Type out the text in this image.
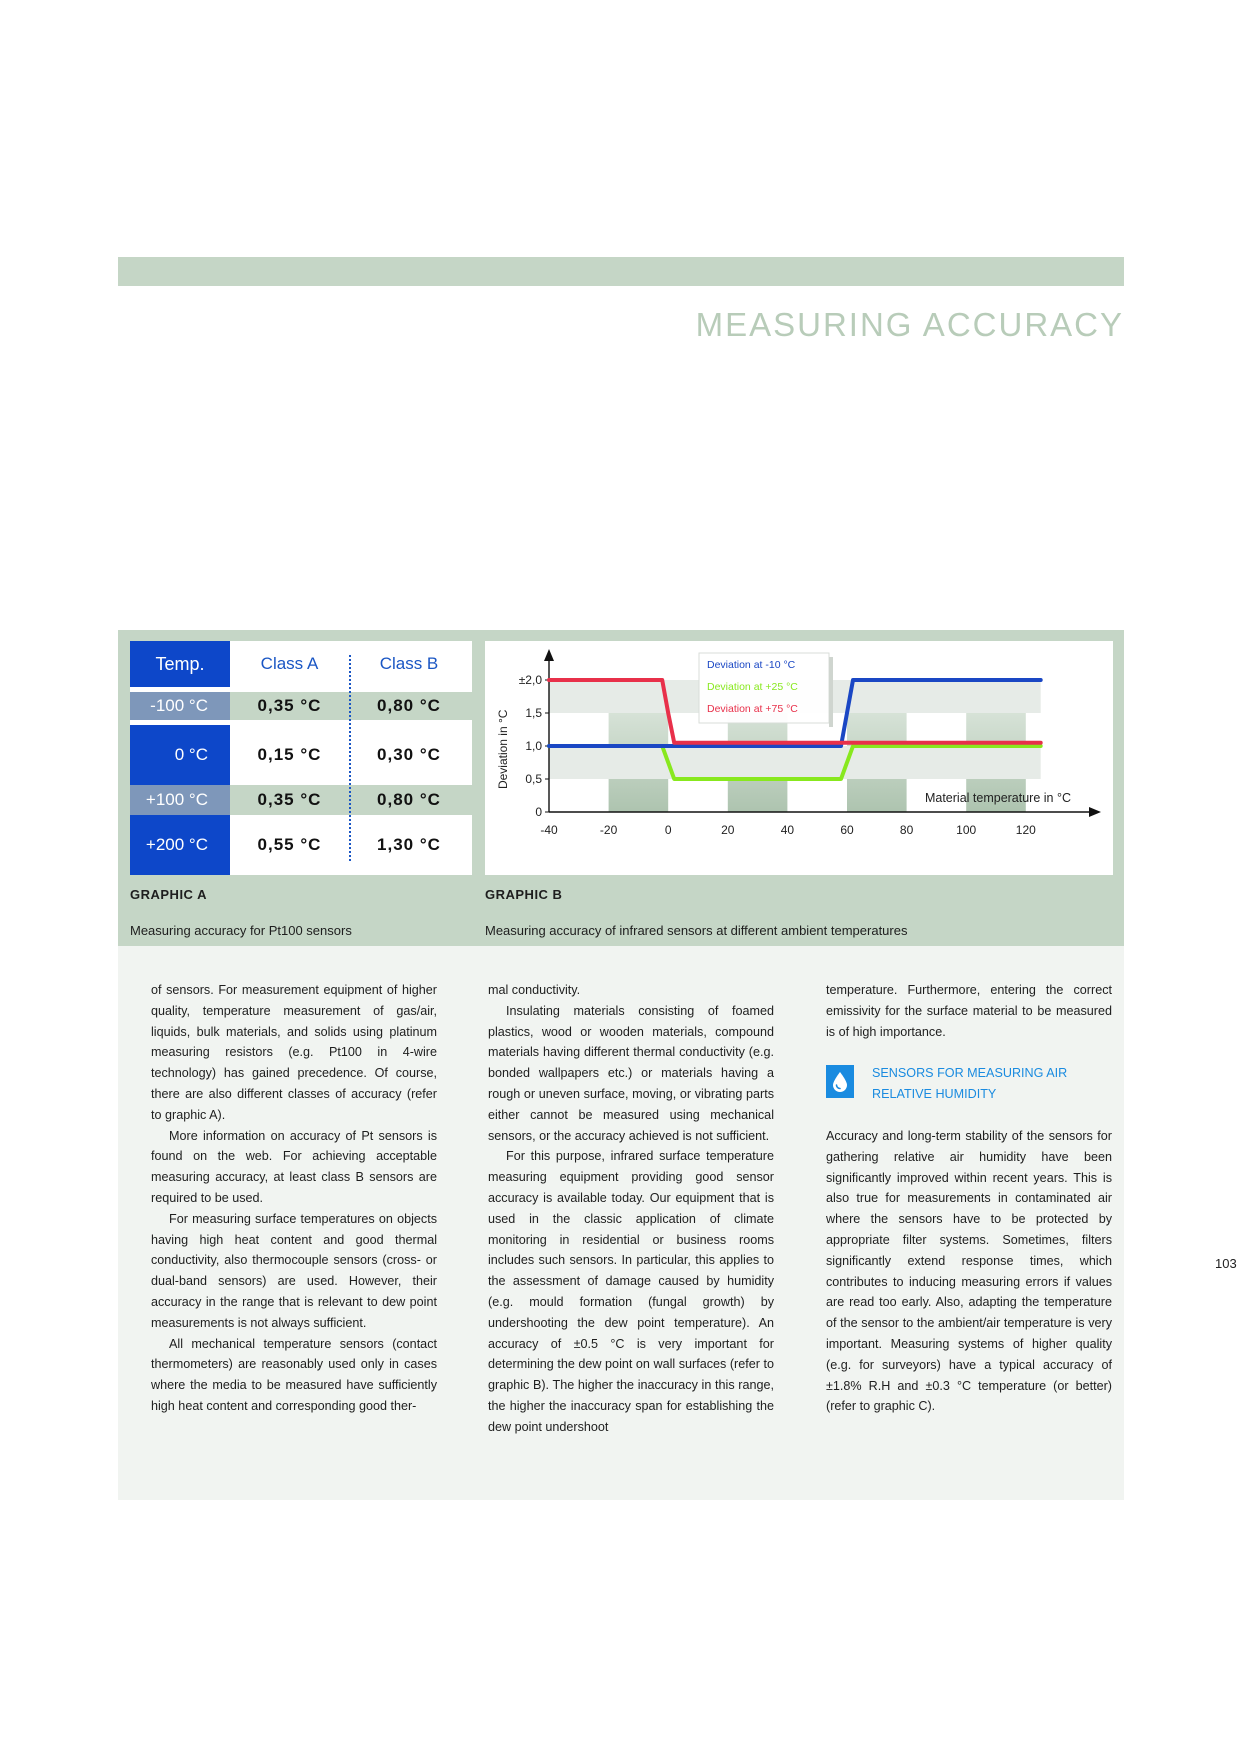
MEASURING ACCURACY
Temp.	Class A	Class B
-100 °C	0,35 °C	0,80 °C
0 °C	0,15 °C	0,30 °C
+100 °C	0,35 °C	0,80 °C
+200 °C	0,55 °C	1,30 °C
0
0,5
1,0
1,5
±2,0
-40	-20	0	20	40	60	80	100	120
Deviation in °C
Material temperature in °C
Deviation at -10 °C
Deviation at +25 °C
Deviation at +75 °C
GRAPHIC A
Measuring accuracy for Pt100 sensors
GRAPHIC B
Measuring accuracy of infrared sensors at different ambient temperatures

of sensors. For measurement equipment of higher quality, temperature measurement of gas/air, liquids, bulk materials, and solids using platinum measuring resistors (e.g. Pt100 in 4-wire technology) has gained precedence. Of course, there are also different classes of accuracy (refer to graphic A).

More information on accuracy of Pt sensors is found on the web. For achieving acceptable measuring accuracy, at least class B sensors are required to be used.

For measuring surface temperatures on objects having high heat content and good thermal conductivity, also thermocouple sensors (cross- or dual-band sensors) are used. However, their accuracy in the range that is relevant to dew point measurements is not always sufficient.

All mechanical temperature sensors (contact thermometers) are reasonably used only in cases where the media to be measured have sufficiently high heat content and corresponding good ther-

mal conductivity.

Insulating materials consisting of foamed plastics, wood or wooden materials, compound materials having different thermal conductivity (e.g. bonded wallpapers etc.) or materials having a rough or uneven surface, moving, or vibrating parts either cannot be measured using mechanical sensors, or the accuracy achieved is not sufficient.

For this purpose, infrared surface temperature measuring equipment providing good sensor accuracy is available today. Our equipment that is used in the classic application of climate monitoring in residential or business rooms includes such sensors. In particular, this applies to the assessment of damage caused by humidity (e.g. mould formation (fungal growth) by undershooting the dew point temperature). An accuracy of ±0.5 °C is very important for determining the dew point on wall surfaces (refer to graphic B). The higher the inaccuracy in this range, the higher the inaccuracy span for establishing the dew point undershoot

temperature. Furthermore, entering the correct emissivity for the surface material to be measured is of high importance.

SENSORS FOR MEASURING AIR RELATIVE HUMIDITY

Accuracy and long-term stability of the sensors for gathering relative air humidity have been significantly improved within recent years. This is also true for measurements in contaminated air where the sensors have to be protected by appropriate filter systems. Sometimes, filters significantly extend response times, which contributes to inducing measuring errors if values are read too early. Also, adapting the temperature of the sensor to the ambient/air temperature is very important. Measuring systems of higher quality (e.g. for surveyors) have a typical accuracy of ±1.8% R.H and ±0.3 °C temperature (or better) (refer to graphic C).

103
